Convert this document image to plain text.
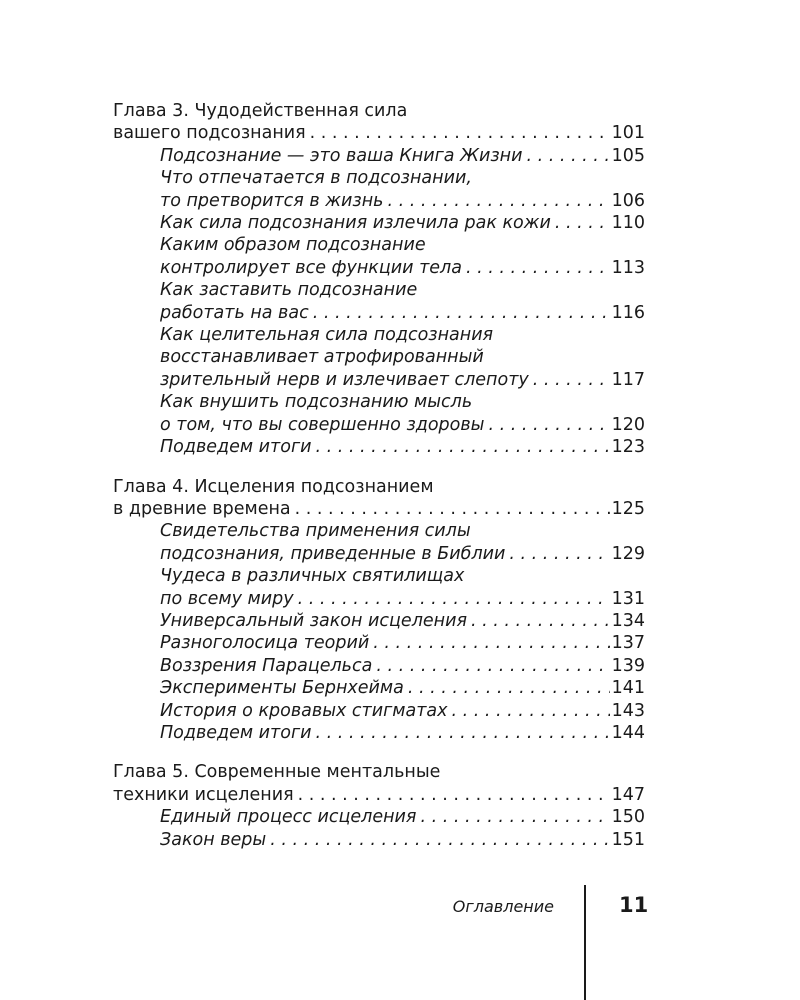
Глава 3. Чудодейственная сила
вашего подсознания . . .	101
Подсознание — это ваша Книга Жизни . . .	105
Что отпечатается в подсознании,
то претворится в жизнь . . .	106
Как сила подсознания излечила рак кожи . . .	110
Каким образом подсознание
контролирует все функции тела . . .	113
Как заставить подсознание
работать на вас . . .	116
Как целительная сила подсознания
восстанавливает атрофированный
зрительный нерв и излечивает слепоту . . .	117
Как внушить подсознанию мысль
о том, что вы совершенно здоровы . . .	120
Подведем итоги . . .	123
Глава 4. Исцеления подсознанием
в древние времена . . .	125
Свидетельства применения силы
подсознания, приведенные в Библии . . .	129
Чудеса в различных святилищах
по всему миру . . .	131
Универсальный закон исцеления . . .	134
Разноголосица теорий . . .	137
Воззрения Парацельса . . .	139
Эксперименты Бернхейма . . .	141
История о кровавых стигматах . . .	143
Подведем итоги . . .	144
Глава 5. Современные ментальные
техники исцеления . . .	147
Единый процесс исцеления . . .	150
Закон веры . . .	151
Оглавление	11
